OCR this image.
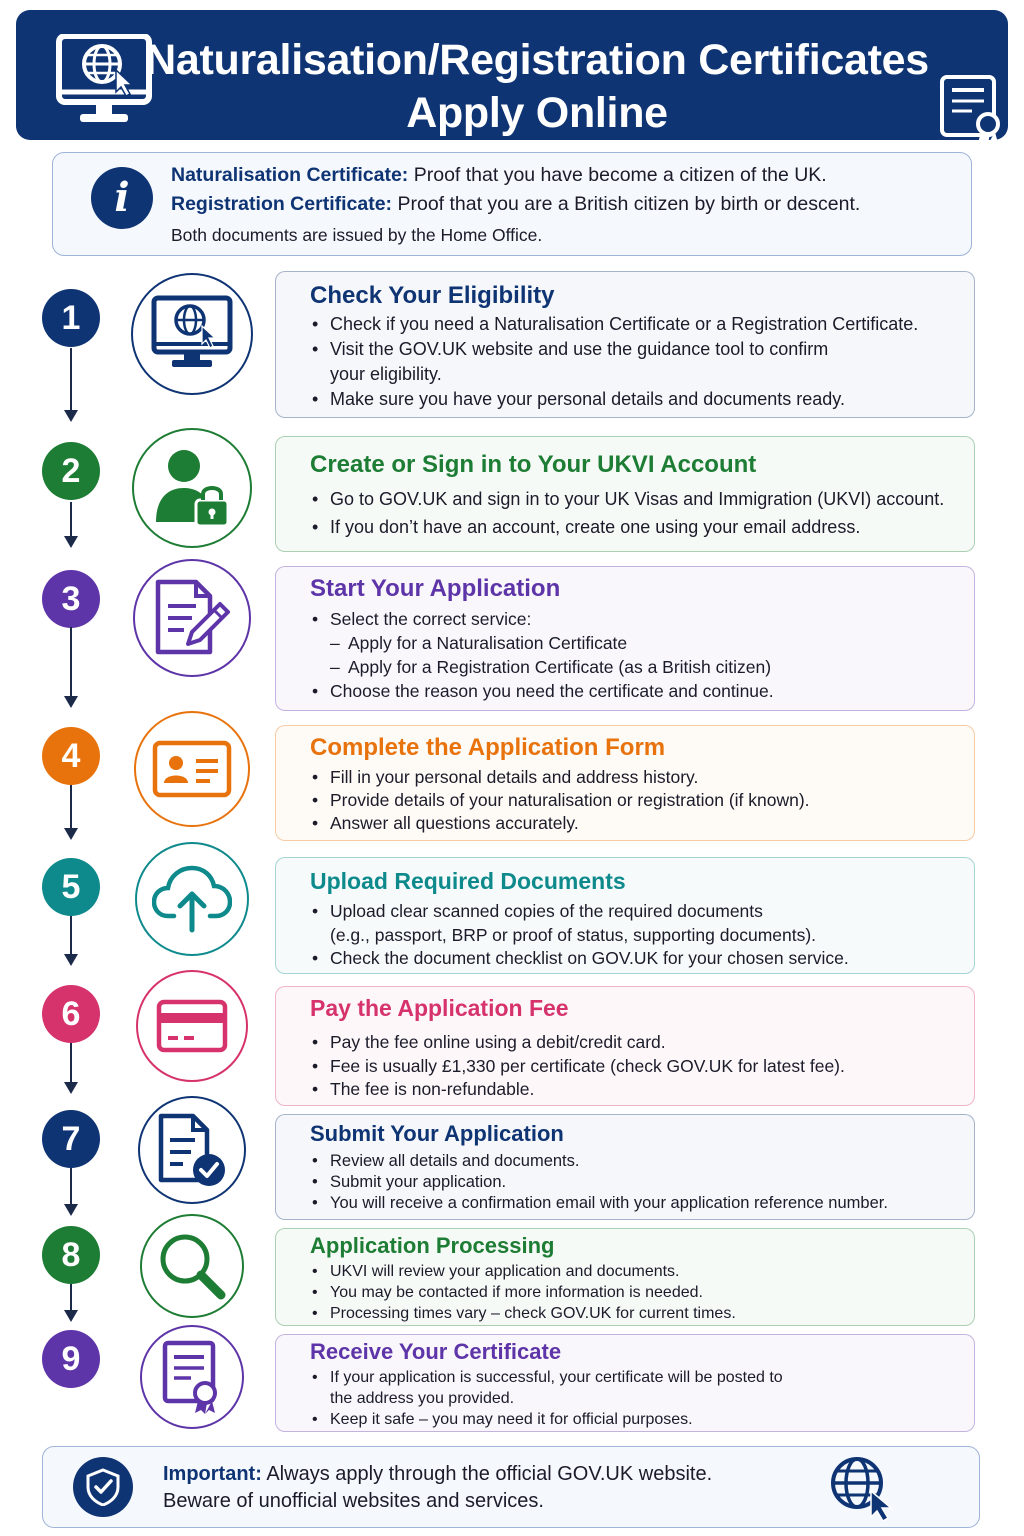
Naturalisation/Registration Certificates
Apply Online
i	Naturalisation Certificate: Proof that you have become a citizen of the UK.
Registration Certificate: Proof that you are a British citizen by birth or descent.
Both documents are issued by the Home Office.
1
Check Your Eligibility
• Check if you need a Naturalisation Certificate or a Registration Certificate.
• Visit the GOV.UK website and use the guidance tool to confirm
your eligibility.
• Make sure you have your personal details and documents ready.
2	Create or Sign in to Your UKVI Account
• Go to GOV.UK and sign in to your UK Visas and Immigration (UKVI) account.
• If you don’t have an account, create one using your email address.
3	Start Your Application
• Select the correct service:
– Apply for a Naturalisation Certificate
– Apply for a Registration Certificate (as a British citizen)
• Choose the reason you need the certificate and continue.
4	Complete the Application Form
• Fill in your personal details and address history.
• Provide details of your naturalisation or registration (if known).
• Answer all questions accurately.
5	Upload Required Documents
• Upload clear scanned copies of the required documents
(e.g., passport, BRP or proof of status, supporting documents).
• Check the document checklist on GOV.UK for your chosen service.
6	Pay the Application Fee
• Pay the fee online using a debit/credit card.
• Fee is usually £1,330 per certificate (check GOV.UK for latest fee).
• The fee is non-refundable.
7	Submit Your Application
• Review all details and documents.
• Submit your application.
• You will receive a confirmation email with your application reference number.
8	Application Processing
• UKVI will review your application and documents.
• You may be contacted if more information is needed.
• Processing times vary – check GOV.UK for current times.
9	Receive Your Certificate
• If your application is successful, your certificate will be posted to
the address you provided.
• Keep it safe – you may need it for official purposes.
Important: Always apply through the official GOV.UK website.
Beware of unofficial websites and services.
